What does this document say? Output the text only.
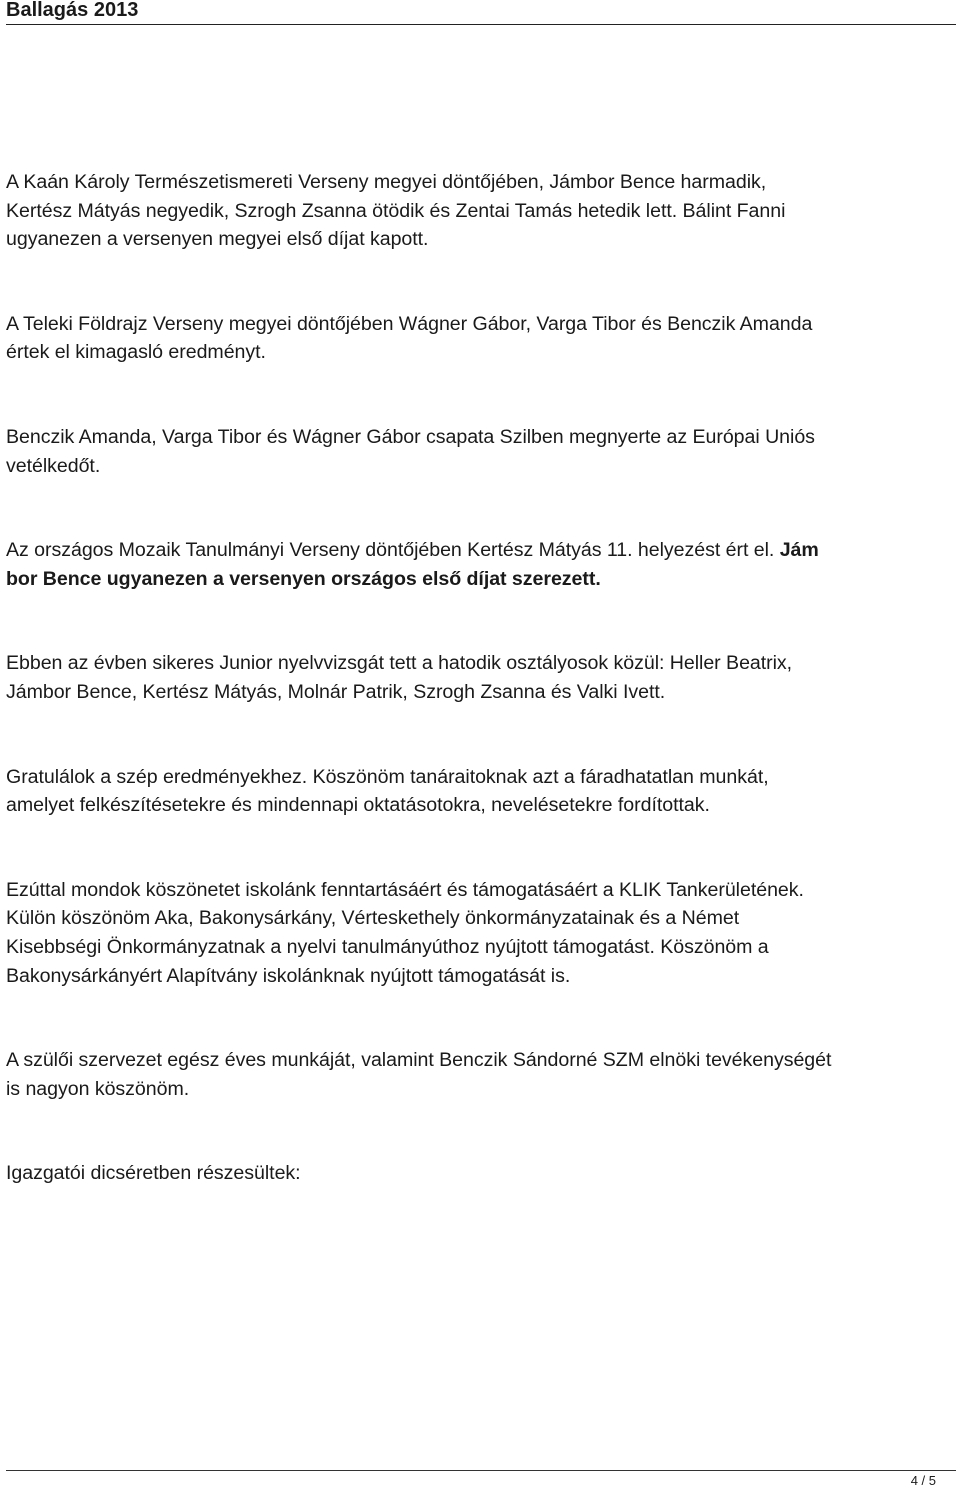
Ballagás 2013

A Kaán Károly Természetismereti Verseny megyei döntőjében, Jámbor Bence harmadik,
Kertész Mátyás negyedik, Szrogh Zsanna ötödik és Zentai Tamás hetedik lett. Bálint Fanni
ugyanezen a versenyen megyei első díjat kapott.

A Teleki Földrajz Verseny megyei döntőjében Wágner Gábor, Varga Tibor és Benczik Amanda
értek el kimagasló eredményt.

Benczik Amanda, Varga Tibor és Wágner Gábor csapata Szilben megnyerte az Európai Uniós
vetélkedőt.

Az országos Mozaik Tanulmányi Verseny döntőjében Kertész Mátyás 11. helyezést ért el. Jám
bor Bence ugyanezen a versenyen országos első díjat szerezett.

Ebben az évben sikeres Junior nyelvvizsgát tett a hatodik osztályosok közül: Heller Beatrix,
Jámbor Bence, Kertész Mátyás, Molnár Patrik, Szrogh Zsanna és Valki Ivett.

Gratulálok a szép eredményekhez. Köszönöm tanáraitoknak azt a fáradhatatlan munkát,
amelyet felkészítésetekre és mindennapi oktatásotokra, nevelésetekre fordítottak.

Ezúttal mondok köszönetet iskolánk fenntartásáért és támogatásáért a KLIK Tankerületének.
Külön köszönöm Aka, Bakonysárkány, Vérteskethely önkormányzatainak és a Német
Kisebbségi Önkormányzatnak a nyelvi tanulmányúthoz nyújtott támogatást. Köszönöm a
Bakonysárkányért Alapítvány iskolánknak nyújtott támogatását is.

A szülői szervezet egész éves munkáját, valamint Benczik Sándorné SZM elnöki tevékenységét
is nagyon köszönöm.

Igazgatói dicséretben részesültek:

4 / 5
